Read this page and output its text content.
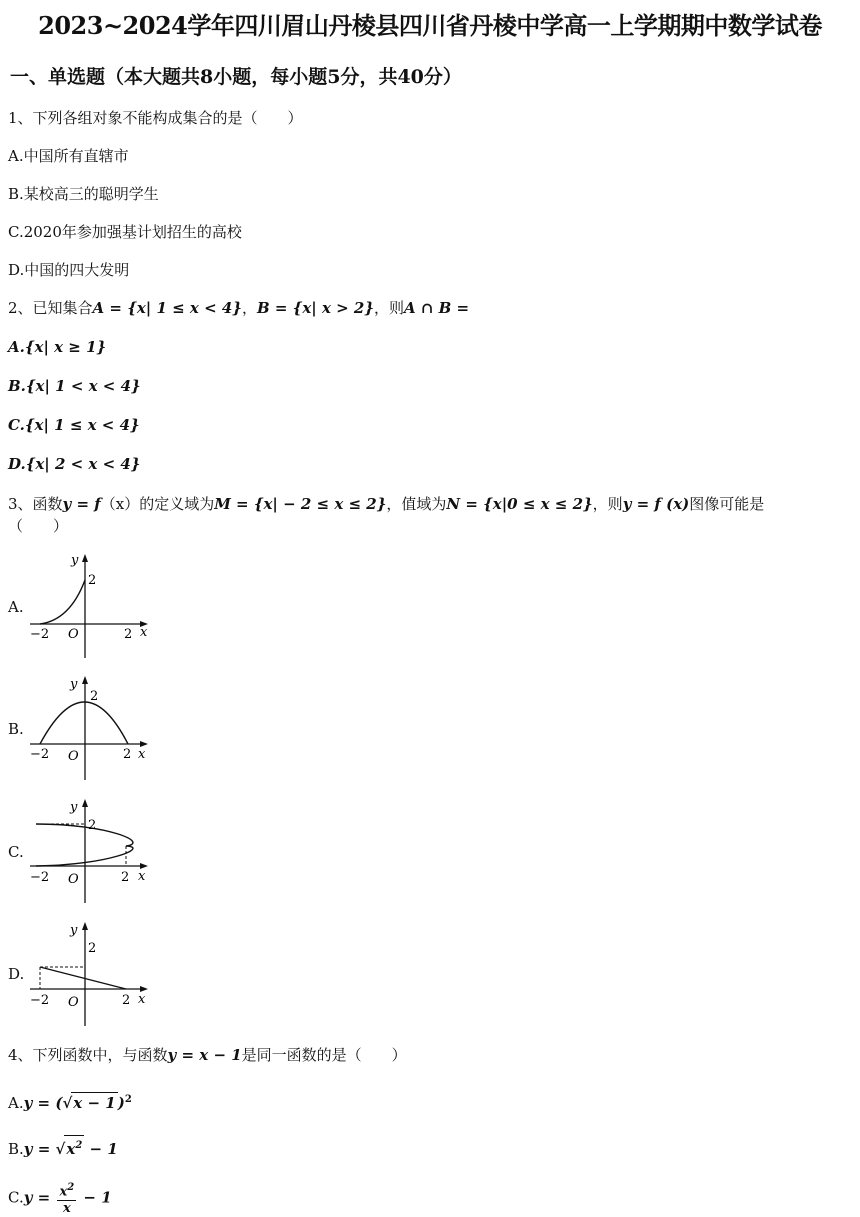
2023~2024学年四川眉山丹棱县四川省丹棱中学高一上学期期中数学试卷
一、单选题（本大题共8小题，每小题5分，共40分）
1、下列各组对象不能构成集合的是（　　）
A.中国所有直辖市
B.某校高三的聪明学生
C.2020年参加强基计划招生的高校
D.中国的四大发明
2、已知集合A = {x| 1 ≤ x < 4}，B = {x| x > 2}，则A ∩ B =
A.{x| x ≥ 1}
B.{x| 1 < x < 4}
C.{x| 1 ≤ x < 4}
D.{x| 2 < x < 4}
3、函数y = f（x）的定义域为M = {x| − 2 ≤ x ≤ 2}，值域为N = {x|0 ≤ x ≤ 2}，则y = f (x)图像可能是
（　　）
A.
y
2
−2 O	2 x
B.
y
2
−2 O	2 x
C.
y
2
−2 O	2 x
D.
y
2
−2 O	2 x
4、下列函数中，与函数y = x − 1是同一函数的是（　　）
A.y = (√x − 1 )$^2$
$B.y = √x^2 - 1$
$C.y = \frac{x^2}{x} - 1$
